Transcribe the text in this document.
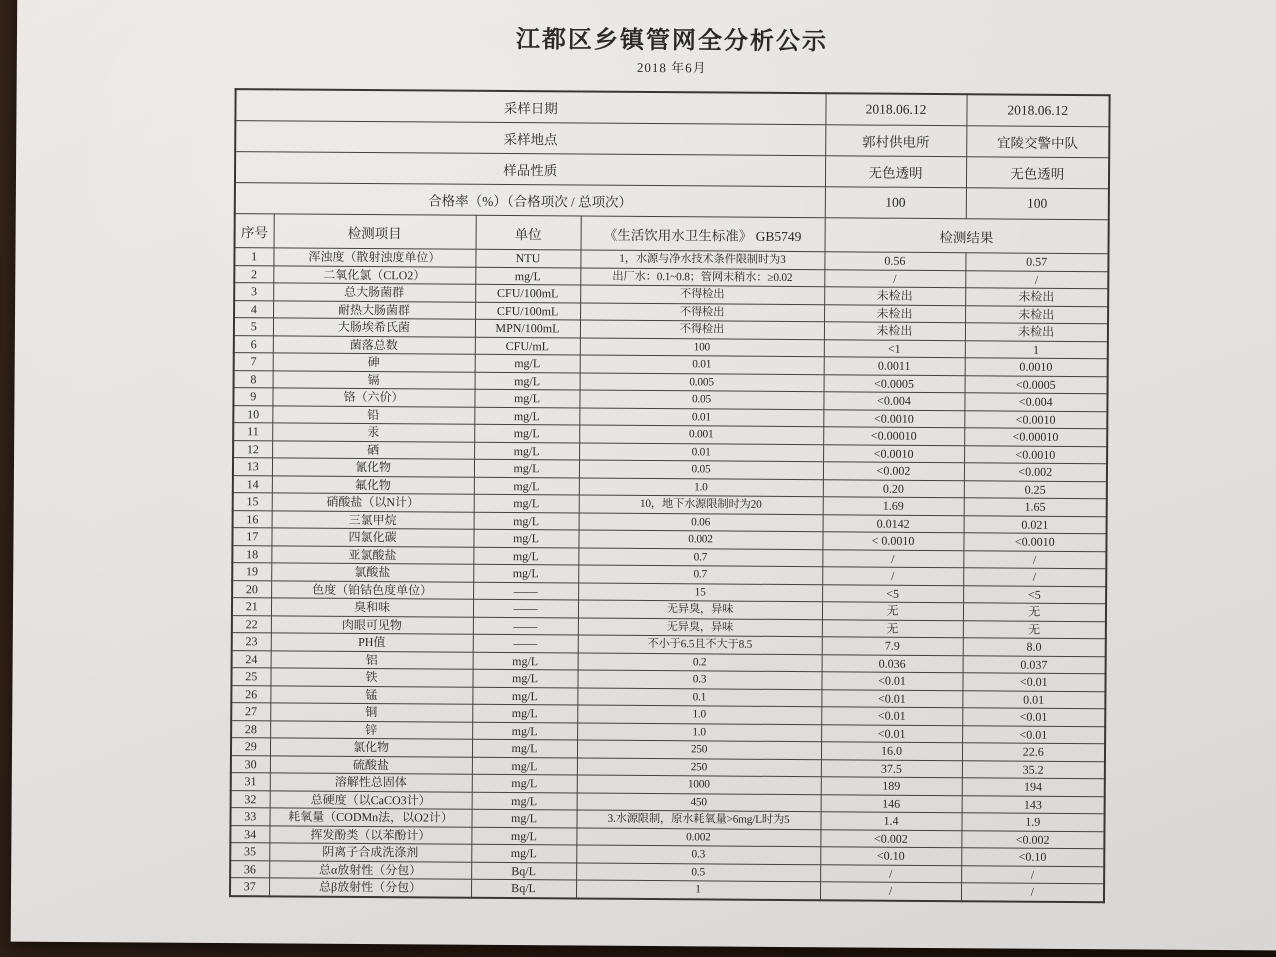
江都区乡镇管网全分析公示
2018 年6月
采样日期				2018.06.12	2018.06.12
采样地点				郭村供电所	宜陵交警中队
样品性质				无色透明	无色透明
合格率（%）（合格项次 / 总项次）				100	100
序号	检测项目	单位	《生活饮用水卫生标准》 GB5749	检测结果	
1	浑浊度（散射浊度单位）	NTU	1，水源与净水技术条件限制时为3	0.56	0.57
2	二氧化氯（CLO2）	mg/L	出厂水：0.1~0.8；管网末稍水：≥0.02	/	/
3	总大肠菌群	CFU/100mL	不得检出	未检出	未检出
4	耐热大肠菌群	CFU/100mL	不得检出	未检出	未检出
5	大肠埃希氏菌	MPN/100mL	不得检出	未检出	未检出
6	菌落总数	CFU/mL	100	<1	1
7	砷	mg/L	0.01	0.0011	0.0010
8	镉	mg/L	0.005	<0.0005	<0.0005
9	铬（六价）	mg/L	0.05	<0.004	<0.004
10	铅	mg/L	0.01	<0.0010	<0.0010
11	汞	mg/L	0.001	<0.00010	<0.00010
12	硒	mg/L	0.01	<0.0010	<0.0010
13	氰化物	mg/L	0.05	<0.002	<0.002
14	氟化物	mg/L	1.0	0.20	0.25
15	硝酸盐（以N计）	mg/L	10，地下水源限制时为20	1.69	1.65
16	三氯甲烷	mg/L	0.06	0.0142	0.021
17	四氯化碳	mg/L	0.002	< 0.0010	<0.0010
18	亚氯酸盐	mg/L	0.7	/	/
19	氯酸盐	mg/L	0.7	/	/
20	色度（铂钴色度单位）	——	15	<5	<5
21	臭和味	——	无异臭，异味	无	无
22	肉眼可见物	——	无异臭，异味	无	无
23	PH值	——	不小于6.5且不大于8.5	7.9	8.0
24	铝	mg/L	0.2	0.036	0.037
25	铁	mg/L	0.3	<0.01	<0.01
26	锰	mg/L	0.1	<0.01	0.01
27	铜	mg/L	1.0	<0.01	<0.01
28	锌	mg/L	1.0	<0.01	<0.01
29	氯化物	mg/L	250	16.0	22.6
30	硫酸盐	mg/L	250	37.5	35.2
31	溶解性总固体	mg/L	1000	189	194
32	总硬度（以CaCO3计）	mg/L	450	146	143
33	耗氧量（CODMn法，以O2计）	mg/L	3.水源限制，原水耗氧量>6mg/L时为5	1.4	1.9
34	挥发酚类（以苯酚计）	mg/L	0.002	<0.002	<0.002
35	阴离子合成洗涤剂	mg/L	0.3	<0.10	<0.10
36	总α放射性（分包）	Bq/L	0.5	/	/
37	总β放射性（分包）	Bq/L	1	/	/
